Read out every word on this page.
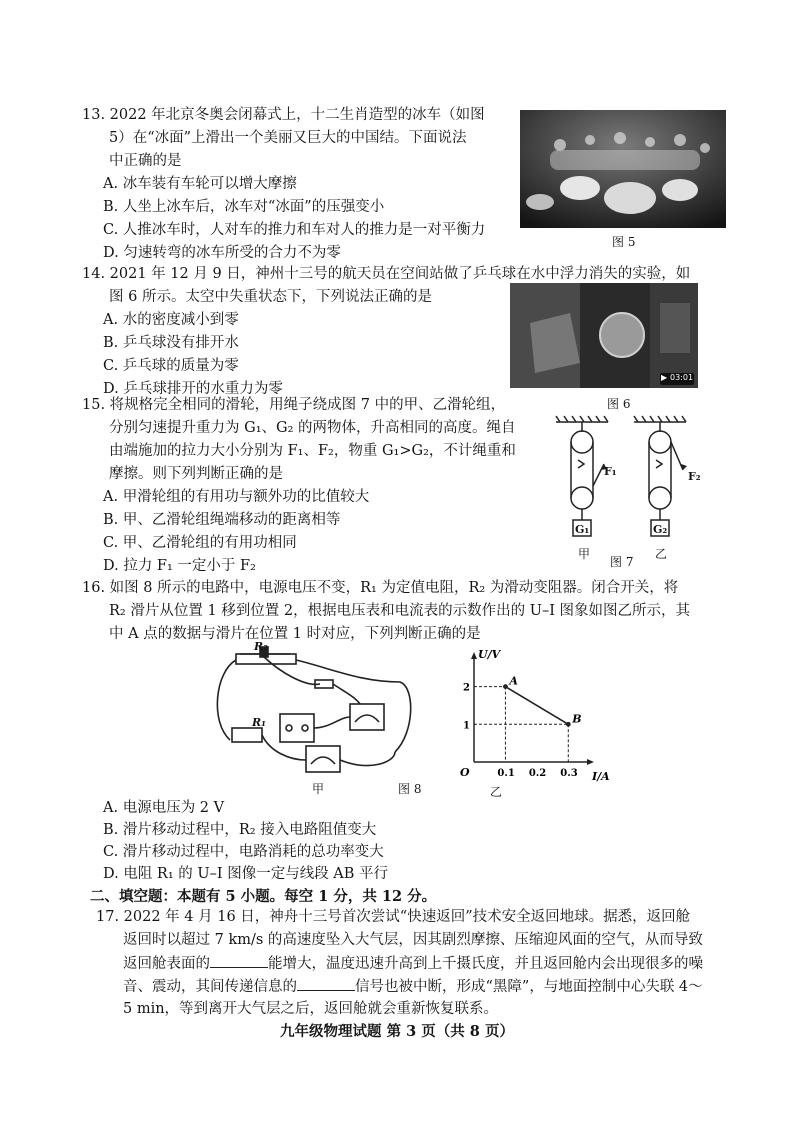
13. 2022 年北京冬奥会闭幕式上，十二生肖造型的冰车（如图
5）在“冰面”上滑出一个美丽又巨大的中国结。下面说法
中正确的是
A. 冰车装有车轮可以增大摩擦
B. 人坐上冰车后，冰车对“冰面”的压强变小
C. 人推冰车时，人对车的推力和车对人的推力是一对平衡力
D. 匀速转弯的冰车所受的合力不为零
图 5
14. 2021 年 12 月 9 日，神州十三号的航天员在空间站做了乒乓球在水中浮力消失的实验，如
图 6 所示。太空中失重状态下，下列说法正确的是
A. 水的密度减小到零
B. 乒乓球没有排开水
C. 乒乓球的质量为零
D. 乒乓球排开的水重力为零
03:01
▶
图 6
15. 将规格完全相同的滑轮，用绳子绕成图 7 中的甲、乙滑轮组，
分别匀速提升重力为 G₁、G₂ 的两物体，升高相同的高度。绳自
由端施加的拉力大小分别为 F₁、F₂，物重 G₁>G₂，不计绳重和
摩擦。则下列判断正确的是
A. 甲滑轮组的有用功与额外功的比值较大
B. 甲、乙滑轮组绳端移动的距离相等
C. 甲、乙滑轮组的有用功相同
D. 拉力 F₁ 一定小于 F₂
F₁	F₂
G₁	G₂
甲
图 7
乙
16. 如图 8 所示的电路中，电源电压不变，R₁ 为定值电阻，R₂ 为滑动变阻器。闭合开关，将
R₂ 滑片从位置 1 移到位置 2，根据电压表和电流表的示数作出的 U–I 图象如图乙所示，其
中 A 点的数据与滑片在位置 1 时对应，下列判断正确的是
R₂
R₁
甲	图 8
I/A
U/V
O	0.1 0.2 0.3
1
2
A
B
乙
A. 电源电压为 2 V
B. 滑片移动过程中，R₂ 接入电路阻值变大
C. 滑片移动过程中，电路消耗的总功率变大
D. 电阻 R₁ 的 U–I 图像一定与线段 AB 平行
二、填空题：本题有 5 小题。每空 1 分，共 12 分。
17. 2022 年 4 月 16 日，神舟十三号首次尝试“快速返回”技术安全返回地球。据悉，返回舱
返回时以超过 7 km/s 的高速度坠入大气层，因其剧烈摩擦、压缩迎风面的空气，从而导致
返回舱表面的	能增大，温度迅速升高到上千摄氏度，并且返回舱内会出现很多的噪
音、震动，其间传递信息的	信号也被中断，形成“黑障”，与地面控制中心失联 4～
5 min，等到离开大气层之后，返回舱就会重新恢复联系。
九年级物理试题 第 3 页（共 8 页）
